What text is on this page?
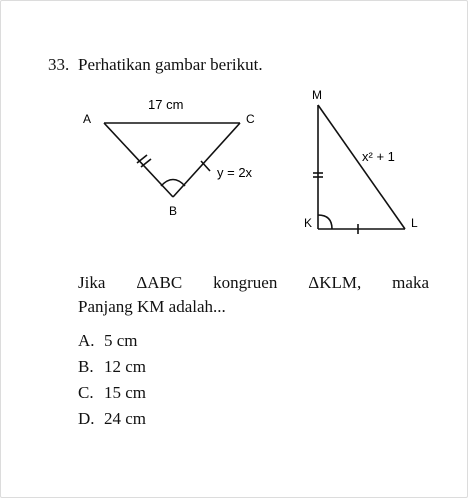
33. Perhatikan gambar berikut.
A	C
B
17 cm
y = 2x
M
K	L
x² + 1
Jika ΔABC kongruen ΔKLM, maka
Panjang KM adalah...
A. 5 cm
B. 12 cm
C. 15 cm
D. 24 cm
